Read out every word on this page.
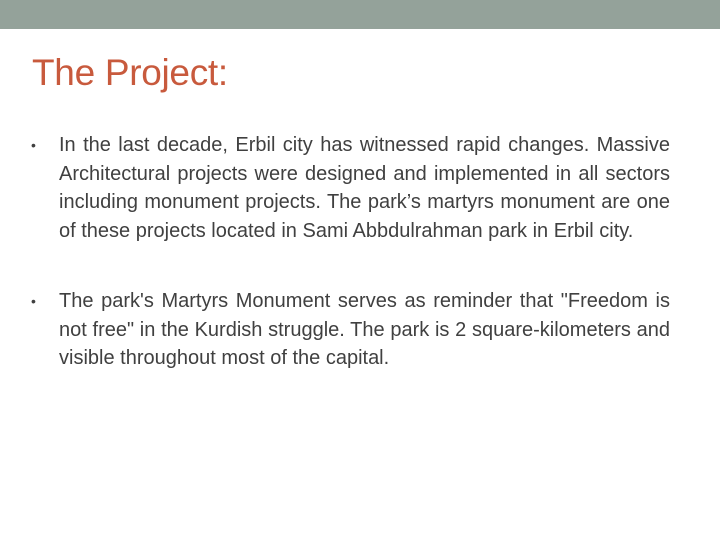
The Project:
• In the last decade, Erbil city has witnessed rapid changes. Massive Architectural projects were designed and implemented in all sectors including monument projects. The park’s martyrs monument are one of these projects located in Sami Abbdulrahman park in Erbil city.
• The park's Martyrs Monument serves as reminder that "Freedom is not free" in the Kurdish struggle. The park is 2 square-kilometers and visible throughout most of the capital.
